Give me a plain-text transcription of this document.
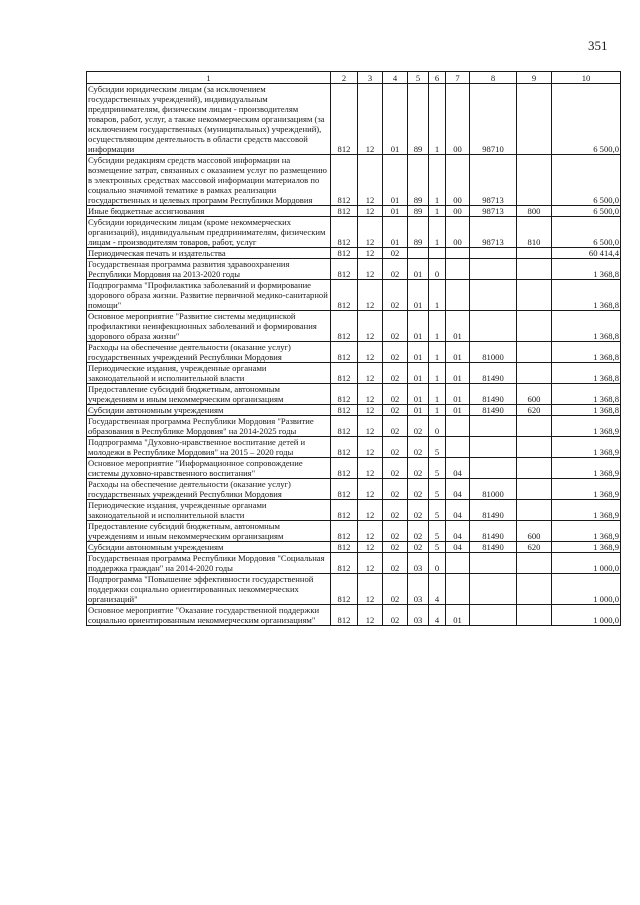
351
1	2	3	4	5	6	7	8	9	10
Субсидии юридическим лицам (за исключением государственных учреждений), индивидуальным предпринимателям, физическим лицам - производителям товаров, работ, услуг, а также некоммерческим организациям (за исключением государственных (муниципальных) учреждений), осуществляющим деятельность в области средств массовой информации	812	12	01	89	1	00	98710		6 500,0
Субсидии редакциям средств массовой информации на возмещение затрат, связанных с оказанием услуг по размещению в электронных средствах массовой информации материалов по социально значимой тематике в рамках реализации государственных и целевых программ Республики Мордовия	812	12	01	89	1	00	98713		6 500,0
Иные бюджетные ассигнования	812	12	01	89	1	00	98713	800	6 500,0
Субсидии юридическим лицам (кроме некоммерческих организаций), индивидуальным предпринимателям, физическим лицам - производителям товаров, работ, услуг	812	12	01	89	1	00	98713	810	6 500,0
Периодическая печать и издательства	812	12	02						60 414,4
Государственная программа развития здравоохранения Республики Мордовия на 2013-2020 годы	812	12	02	01	0				1 368,8
Подпрограмма "Профилактика заболеваний и формирование здорового образа жизни. Развитие первичной медико-санитарной помощи"	812	12	02	01	1				1 368,8
Основное мероприятие "Развитие системы медицинской профилактики неинфекционных заболеваний и формирования здорового образа жизни"	812	12	02	01	1	01			1 368,8
Расходы на обеспечение деятельности (оказание услуг) государственных учреждений Республики Мордовия	812	12	02	01	1	01	81000		1 368,8
Периодические издания, учрежденные органами законодательной и исполнительной власти	812	12	02	01	1	01	81490		1 368,8
Предоставление субсидий бюджетным, автономным учреждениям и иным некоммерческим организациям	812	12	02	01	1	01	81490	600	1 368,8
Субсидии автономным учреждениям	812	12	02	01	1	01	81490	620	1 368,8
Государственная программа Республики Мордовия "Развитие образования в Республике Мордовия" на 2014-2025 годы	812	12	02	02	0				1 368,9
Подпрограмма "Духовно-нравственное воспитание детей и молодежи в Республике Мордовия" на 2015 – 2020 годы	812	12	02	02	5				1 368,9
Основное мероприятие "Информационное сопровождение системы духовно-нравственного воспитания"	812	12	02	02	5	04			1 368,9
Расходы на обеспечение деятельности (оказание услуг) государственных учреждений Республики Мордовия	812	12	02	02	5	04	81000		1 368,9
Периодические издания, учрежденные органами законодательной и исполнительной власти	812	12	02	02	5	04	81490		1 368,9
Предоставление субсидий бюджетным, автономным учреждениям и иным некоммерческим организациям	812	12	02	02	5	04	81490	600	1 368,9
Субсидии автономным учреждениям	812	12	02	02	5	04	81490	620	1 368,9
Государственная программа Республики Мордовия "Социальная поддержка граждан" на 2014-2020 годы	812	12	02	03	0				1 000,0
Подпрограмма "Повышение эффективности государственной поддержки социально ориентированных некоммерческих организаций"	812	12	02	03	4				1 000,0
Основное мероприятие "Оказание государственной поддержки социально ориентированным некоммерческим организациям"	812	12	02	03	4	01			1 000,0
